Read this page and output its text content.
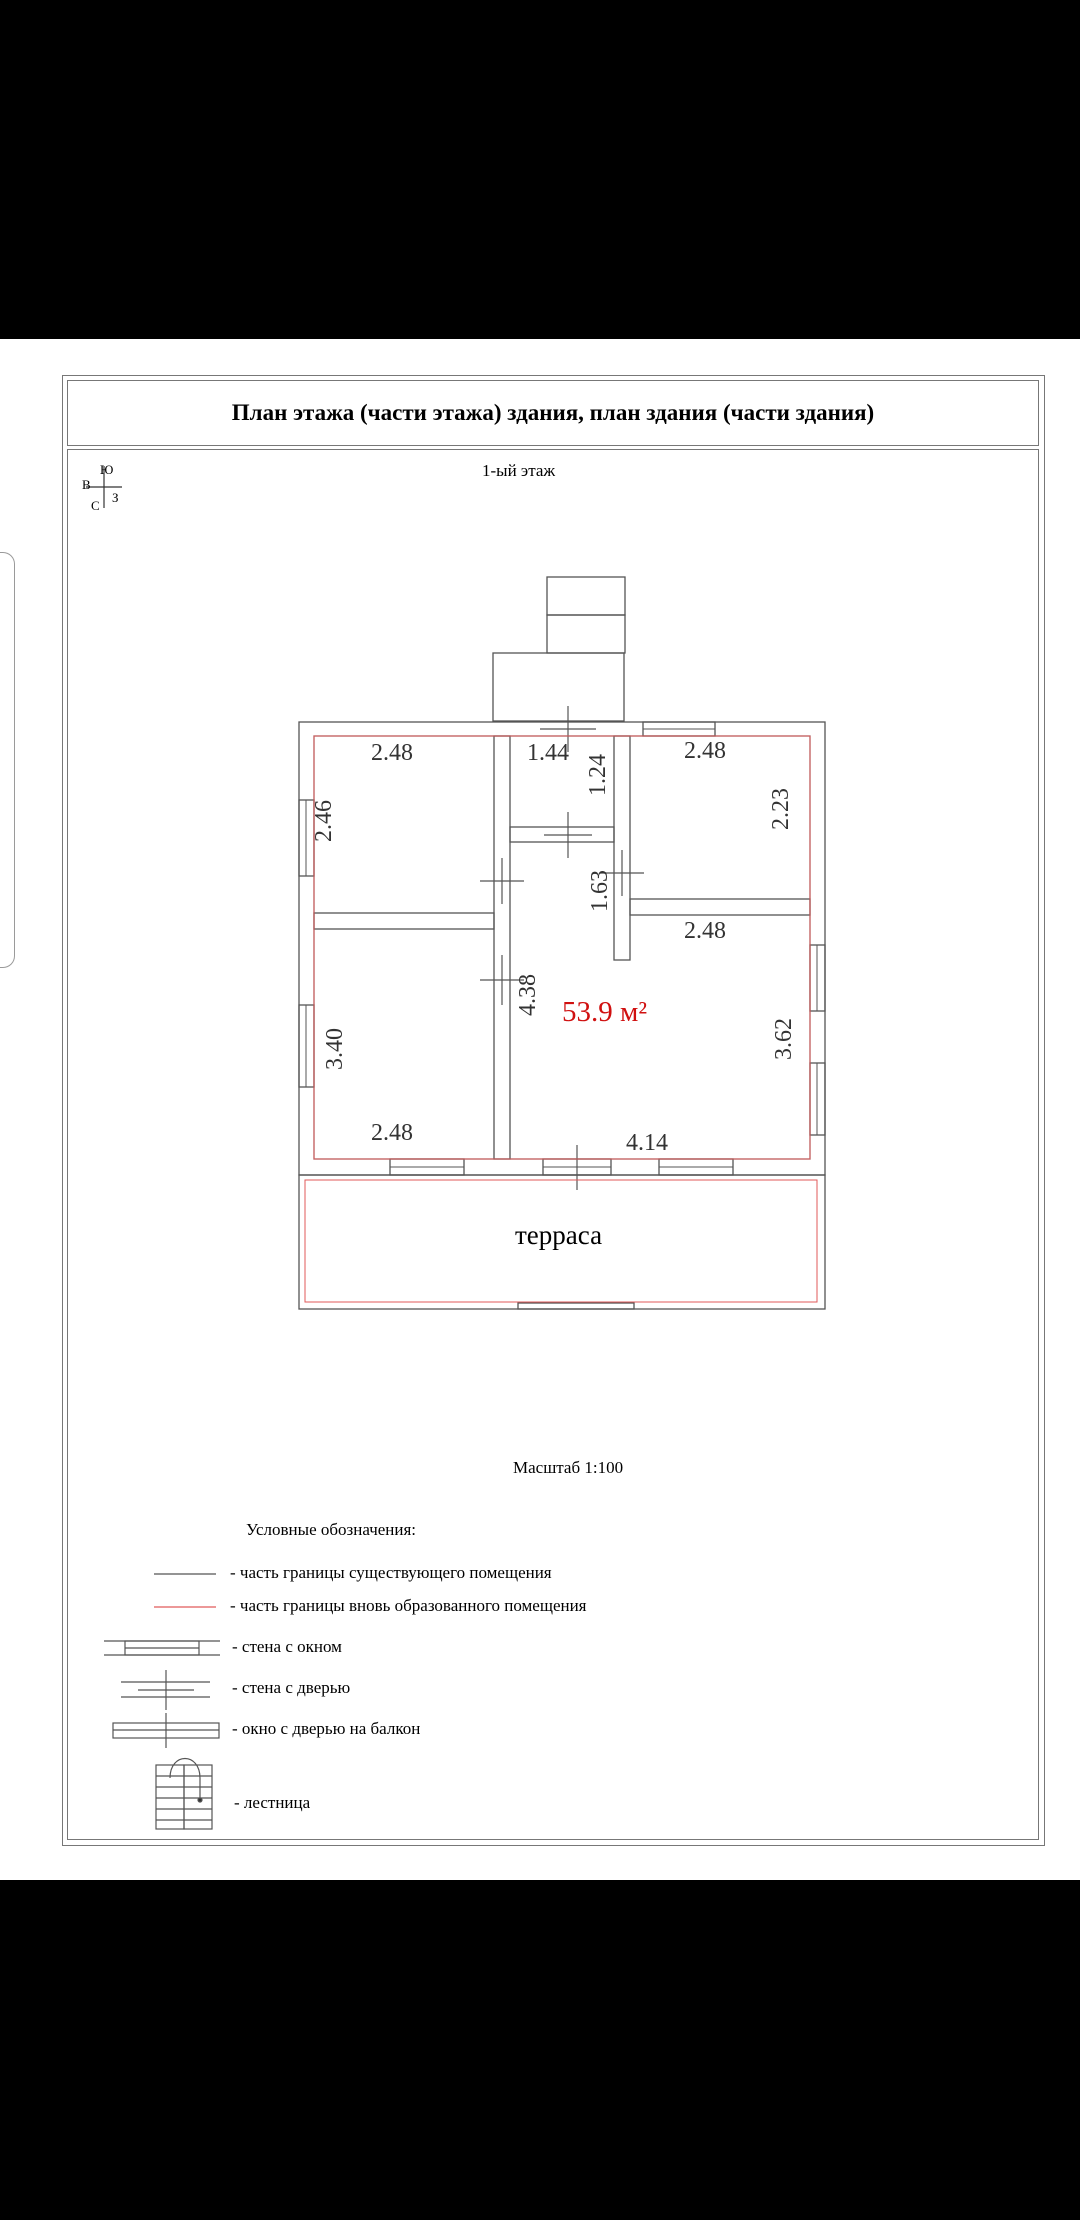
План этажа (части этажа) здания, план здания (части здания)
Ю
З
В
С
1-ый этаж
2.48	1.44	2.48
2.48
2.48	4.14
2.46
1.24
2.23
1.63
4.38
3.40	3.62
53.9 м²
терраса
Масштаб 1:100
Условные обозначения:
- часть границы существующего помещения
- часть границы вновь образованного помещения
- стена с окном
- стена с дверью
- окно с дверью на балкон
- лестница
